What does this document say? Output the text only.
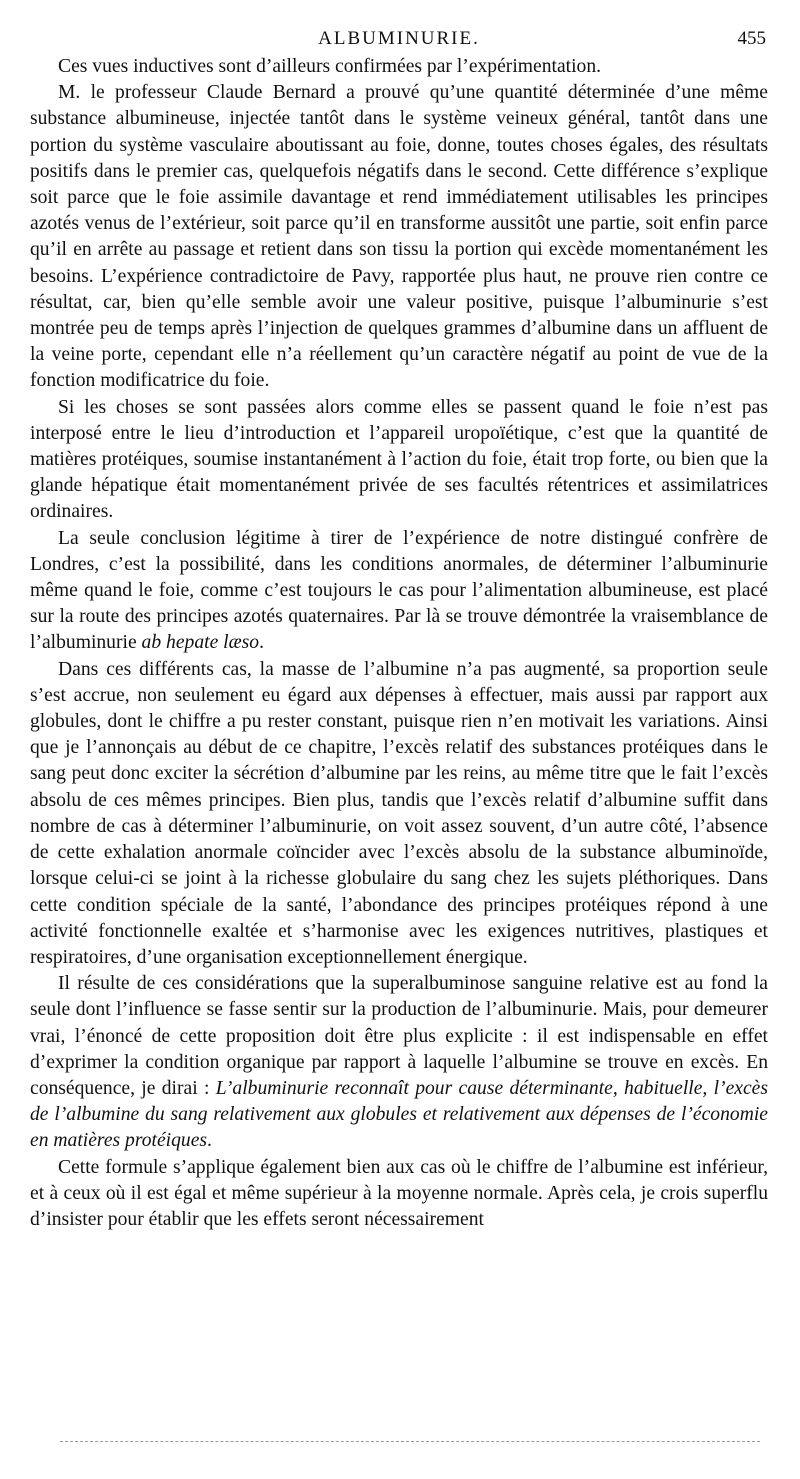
ALBUMINURIE.	455

Ces vues inductives sont d’ailleurs confirmées par l’expérimentation.

M. le professeur Claude Bernard a prouvé qu’une quantité déterminée d’une même substance albumineuse, injectée tantôt dans le système veineux général, tantôt dans une portion du système vasculaire aboutissant au foie, donne, toutes choses égales, des résultats positifs dans le premier cas, quelquefois négatifs dans le second. Cette différence s’explique soit parce que le foie assimile davantage et rend immédiatement utilisables les principes azotés venus de l’extérieur, soit parce qu’il en transforme aussitôt une partie, soit enfin parce qu’il en arrête au passage et retient dans son tissu la portion qui excède momentanément les besoins. L’expérience contradictoire de Pavy, rapportée plus haut, ne prouve rien contre ce résultat, car, bien qu’elle semble avoir une valeur positive, puisque l’albuminurie s’est montrée peu de temps après l’injection de quelques grammes d’albumine dans un affluent de la veine porte, cependant elle n’a réellement qu’un caractère négatif au point de vue de la fonction modificatrice du foie.

Si les choses se sont passées alors comme elles se passent quand le foie n’est pas interposé entre le lieu d’introduction et l’appareil uropoïétique, c’est que la quantité de matières protéiques, soumise instantanément à l’action du foie, était trop forte, ou bien que la glande hépatique était momentanément privée de ses facultés rétentrices et assimilatrices ordinaires.

La seule conclusion légitime à tirer de l’expérience de notre distingué confrère de Londres, c’est la possibilité, dans les conditions anormales, de déterminer l’albuminurie même quand le foie, comme c’est toujours le cas pour l’alimentation albumineuse, est placé sur la route des principes azotés quaternaires. Par là se trouve démontrée la vraisemblance de l’albuminurie ab hepate læso.

Dans ces différents cas, la masse de l’albumine n’a pas augmenté, sa proportion seule s’est accrue, non seulement eu égard aux dépenses à effectuer, mais aussi par rapport aux globules, dont le chiffre a pu rester constant, puisque rien n’en motivait les variations. Ainsi que je l’annonçais au début de ce chapitre, l’excès relatif des substances protéiques dans le sang peut donc exciter la sécrétion d’albumine par les reins, au même titre que le fait l’excès absolu de ces mêmes principes. Bien plus, tandis que l’excès relatif d’albumine suffit dans nombre de cas à déterminer l’albuminurie, on voit assez souvent, d’un autre côté, l’absence de cette exhalation anormale coïncider avec l’excès absolu de la substance albuminoïde, lorsque celui-ci se joint à la richesse globulaire du sang chez les sujets pléthoriques. Dans cette condition spéciale de la santé, l’abondance des principes protéiques répond à une activité fonctionnelle exaltée et s’harmonise avec les exigences nutritives, plastiques et respiratoires, d’une organisation exceptionnellement énergique.

Il résulte de ces considérations que la superalbuminose sanguine relative est au fond la seule dont l’influence se fasse sentir sur la production de l’albuminurie. Mais, pour demeurer vrai, l’énoncé de cette proposition doit être plus explicite : il est indispensable en effet d’exprimer la condition organique par rapport à laquelle l’albumine se trouve en excès. En conséquence, je dirai : L’albuminurie reconnaît pour cause déterminante, habituelle, l’excès de l’albumine du sang relativement aux globules et relativement aux dépenses de l’économie en matières protéiques.

Cette formule s’applique également bien aux cas où le chiffre de l’albumine est inférieur, et à ceux où il est égal et même supérieur à la moyenne normale. Après cela, je crois superflu d’insister pour établir que les effets seront nécessairement
